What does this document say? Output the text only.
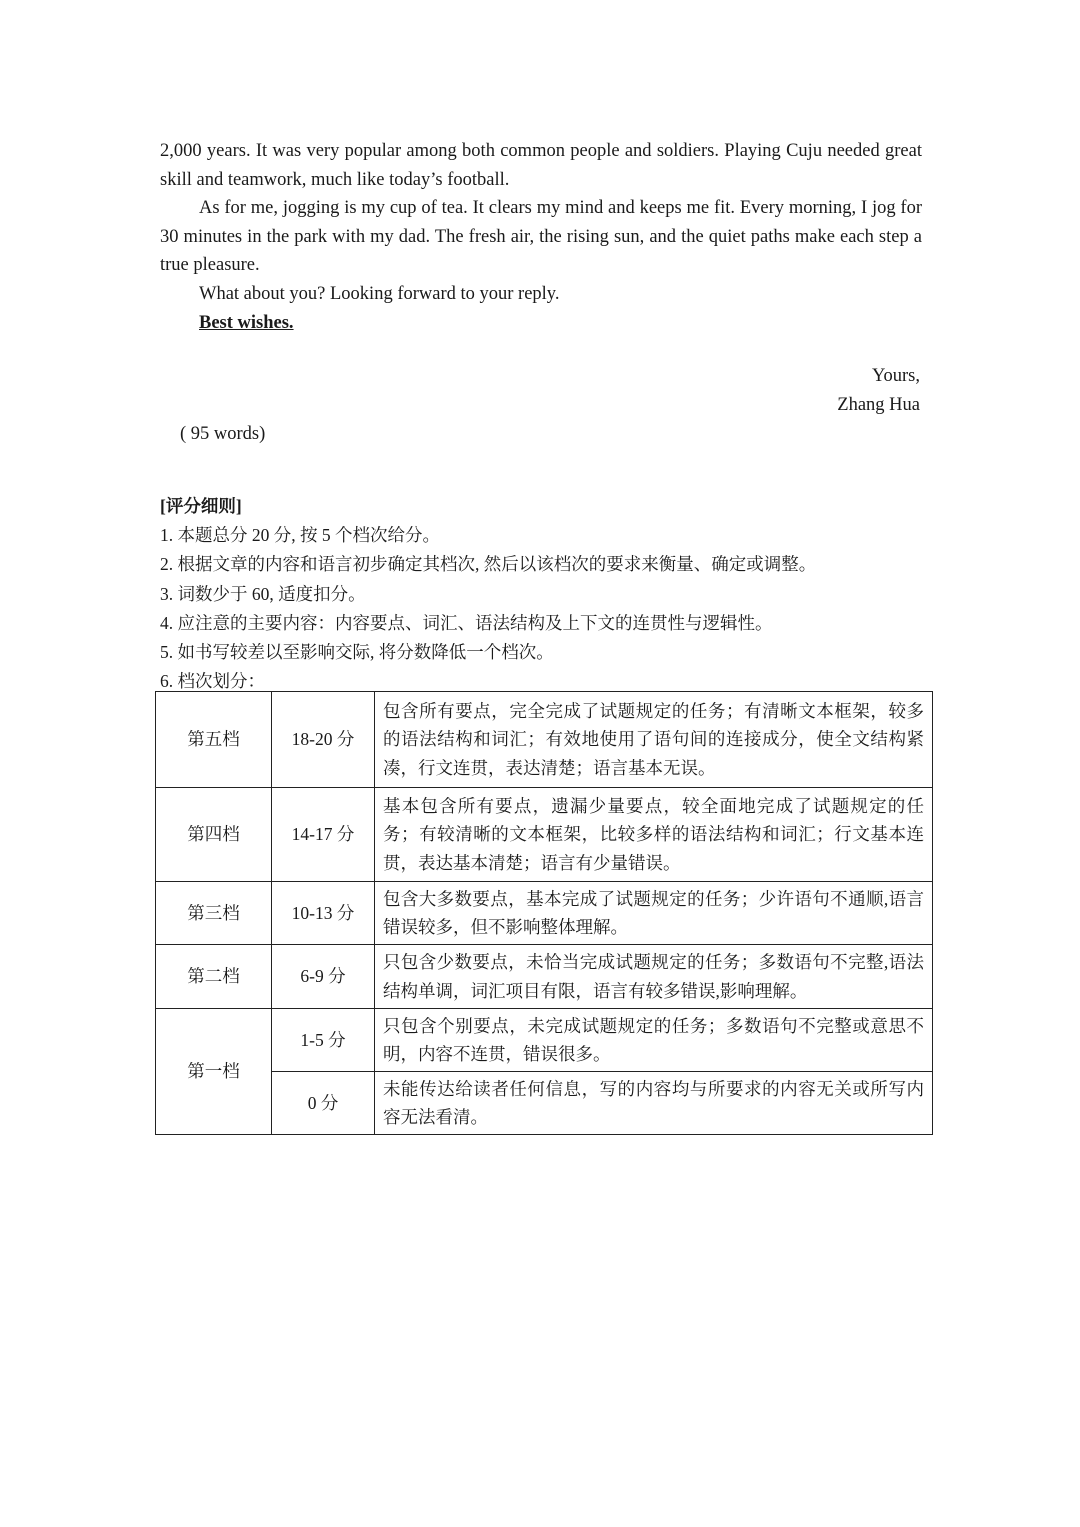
2,000 years. It was very popular among both common people and soldiers. Playing Cuju needed great skill and teamwork, much like today’s football.

As for me, jogging is my cup of tea. It clears my mind and keeps me fit. Every morning, I jog for 30 minutes in the park with my dad. The fresh air, the rising sun, and the quiet paths make each step a true pleasure.

What about you? Looking forward to your reply.

Best wishes.

Yours,
Zhang Hua
( 95 words)
[评分细则]
1. 本题总分 20 分, 按 5 个档次给分。
2. 根据文章的内容和语言初步确定其档次, 然后以该档次的要求来衡量、确定或调整。
3. 词数少于 60, 适度扣分。
4. 应注意的主要内容：内容要点、词汇、语法结构及上下文的连贯性与逻辑性。
5. 如书写较差以至影响交际, 将分数降低一个档次。
6. 档次划分：
第五档	18-20 分	包含所有要点，完全完成了试题规定的任务；有清晰文本框架，较多的语法结构和词汇；有效地使用了语句间的连接成分，使全文结构紧凑，行文连贯，表达清楚；语言基本无误。
第四档	14-17 分	基本包含所有要点，遗漏少量要点，较全面地完成了试题规定的任务；有较清晰的文本框架，比较多样的语法结构和词汇；行文基本连贯，表达基本清楚；语言有少量错误。
第三档	10-13 分	包含大多数要点，基本完成了试题规定的任务；少许语句不通顺,语言错误较多，但不影响整体理解。
第二档	6-9 分	只包含少数要点，未恰当完成试题规定的任务；多数语句不完整,语法结构单调，词汇项目有限，语言有较多错误,影响理解。
第一档	1-5 分	只包含个别要点，未完成试题规定的任务；多数语句不完整或意思不明，内容不连贯，错误很多。
	0 分	未能传达给读者任何信息，写的内容均与所要求的内容无关或所写内容无法看清。
